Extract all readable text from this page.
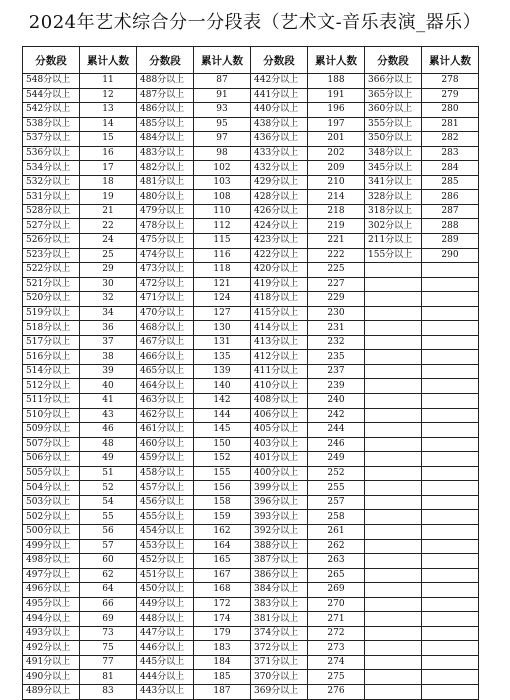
2024年艺术综合分一分段表（艺术文-音乐表演_器乐）
分数段	累计人数	分数段	累计人数	分数段	累计人数	分数段	累计人数
548分以上	11	488分以上	87	442分以上	188	366分以上	278
544分以上	12	487分以上	91	441分以上	191	365分以上	279
542分以上	13	486分以上	93	440分以上	196	360分以上	280
538分以上	14	485分以上	95	438分以上	197	355分以上	281
537分以上	15	484分以上	97	436分以上	201	350分以上	282
536分以上	16	483分以上	98	433分以上	202	348分以上	283
534分以上	17	482分以上	102	432分以上	209	345分以上	284
532分以上	18	481分以上	103	429分以上	210	341分以上	285
531分以上	19	480分以上	108	428分以上	214	328分以上	286
528分以上	21	479分以上	110	426分以上	218	318分以上	287
527分以上	22	478分以上	112	424分以上	219	302分以上	288
526分以上	24	475分以上	115	423分以上	221	211分以上	289
523分以上	25	474分以上	116	422分以上	222	155分以上	290
522分以上	29	473分以上	118	420分以上	225		
521分以上	30	472分以上	121	419分以上	227		
520分以上	32	471分以上	124	418分以上	229		
519分以上	34	470分以上	127	415分以上	230		
518分以上	36	468分以上	130	414分以上	231		
517分以上	37	467分以上	131	413分以上	232		
516分以上	38	466分以上	135	412分以上	235		
514分以上	39	465分以上	139	411分以上	237		
512分以上	40	464分以上	140	410分以上	239		
511分以上	41	463分以上	142	408分以上	240		
510分以上	43	462分以上	144	406分以上	242		
509分以上	46	461分以上	145	405分以上	244		
507分以上	48	460分以上	150	403分以上	246		
506分以上	49	459分以上	152	401分以上	249		
505分以上	51	458分以上	155	400分以上	252		
504分以上	52	457分以上	156	399分以上	255		
503分以上	54	456分以上	158	396分以上	257		
502分以上	55	455分以上	159	393分以上	258		
500分以上	56	454分以上	162	392分以上	261		
499分以上	57	453分以上	164	388分以上	262		
498分以上	60	452分以上	165	387分以上	263		
497分以上	62	451分以上	167	386分以上	265		
496分以上	64	450分以上	168	384分以上	269		
495分以上	66	449分以上	172	383分以上	270		
494分以上	69	448分以上	174	381分以上	271		
493分以上	73	447分以上	179	374分以上	272		
492分以上	75	446分以上	183	372分以上	273		
491分以上	77	445分以上	184	371分以上	274		
490分以上	81	444分以上	185	370分以上	275		
489分以上	83	443分以上	187	369分以上	276		
